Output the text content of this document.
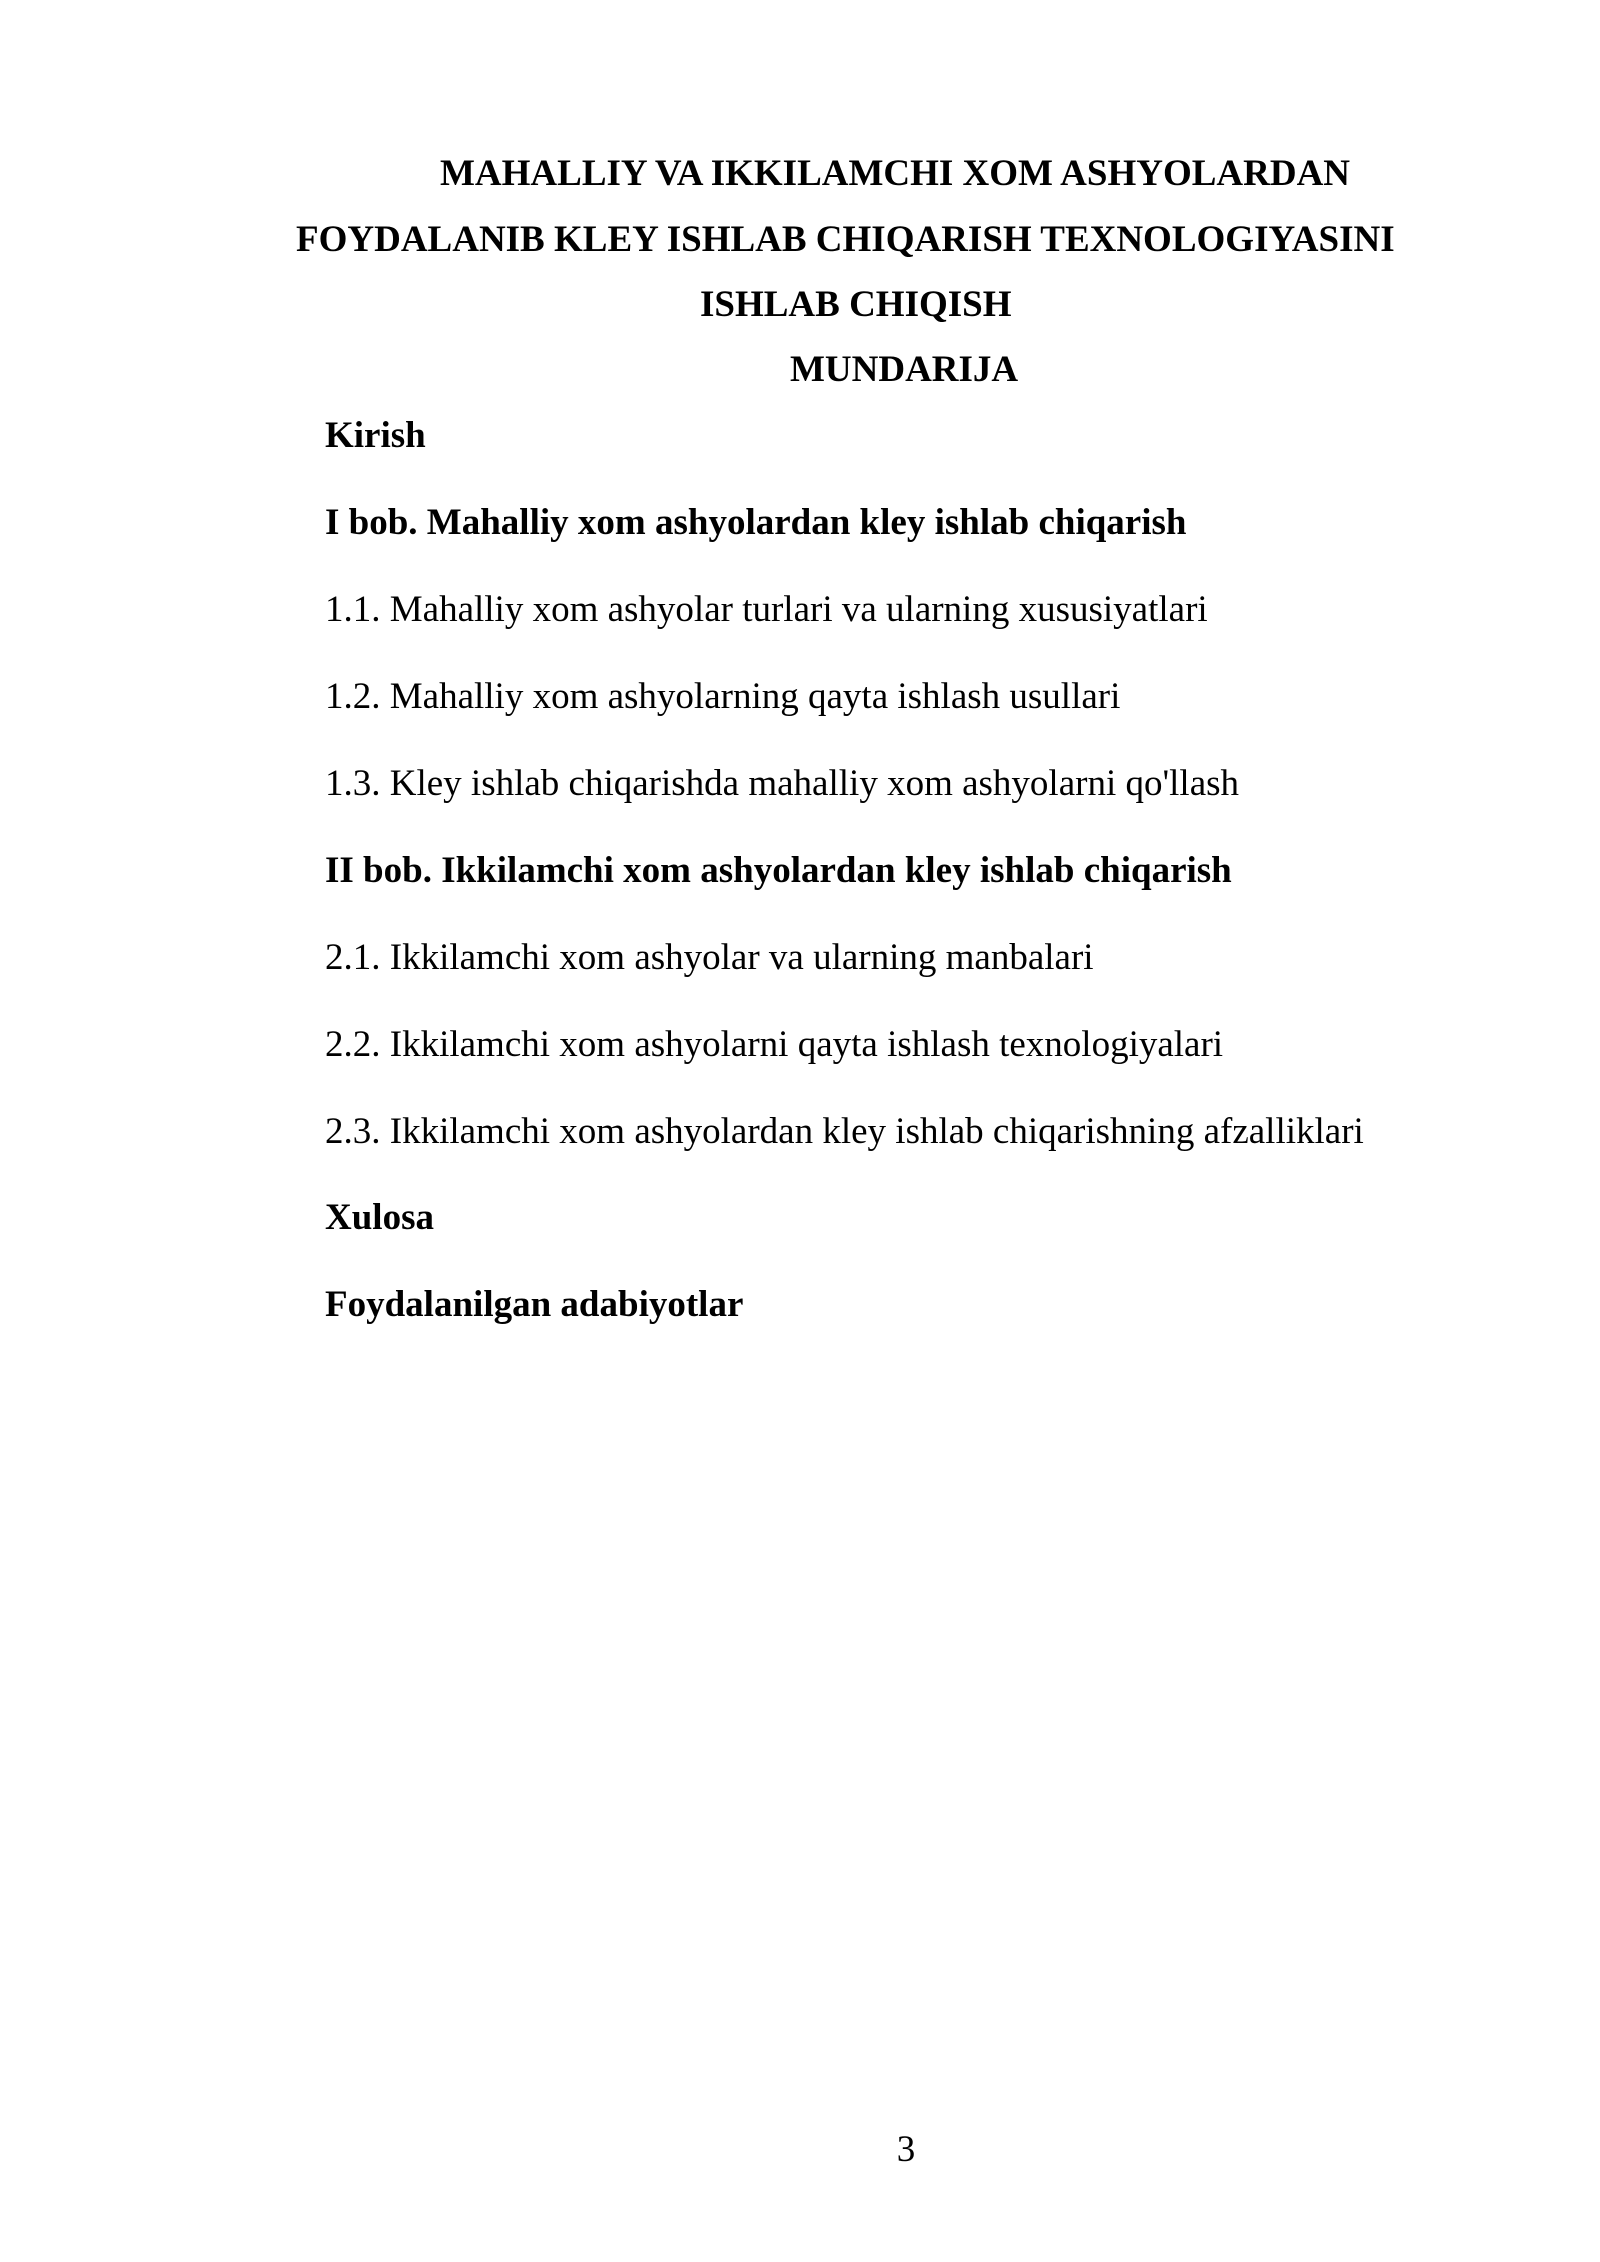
MAHALLIY VA IKKILAMCHI XOM ASHYOLARDAN
FOYDALANIB KLEY ISHLAB CHIQARISH TEXNOLOGIYASINI
ISHLAB CHIQISH
MUNDARIJA
Kirish
I bob. Mahalliy xom ashyolardan kley ishlab chiqarish
1.1. Mahalliy xom ashyolar turlari va ularning xususiyatlari
1.2. Mahalliy xom ashyolarning qayta ishlash usullari
1.3. Kley ishlab chiqarishda mahalliy xom ashyolarni qo'llash
II bob. Ikkilamchi xom ashyolardan kley ishlab chiqarish
2.1. Ikkilamchi xom ashyolar va ularning manbalari
2.2. Ikkilamchi xom ashyolarni qayta ishlash texnologiyalari
2.3. Ikkilamchi xom ashyolardan kley ishlab chiqarishning afzalliklari
Xulosa
Foydalanilgan adabiyotlar
3
